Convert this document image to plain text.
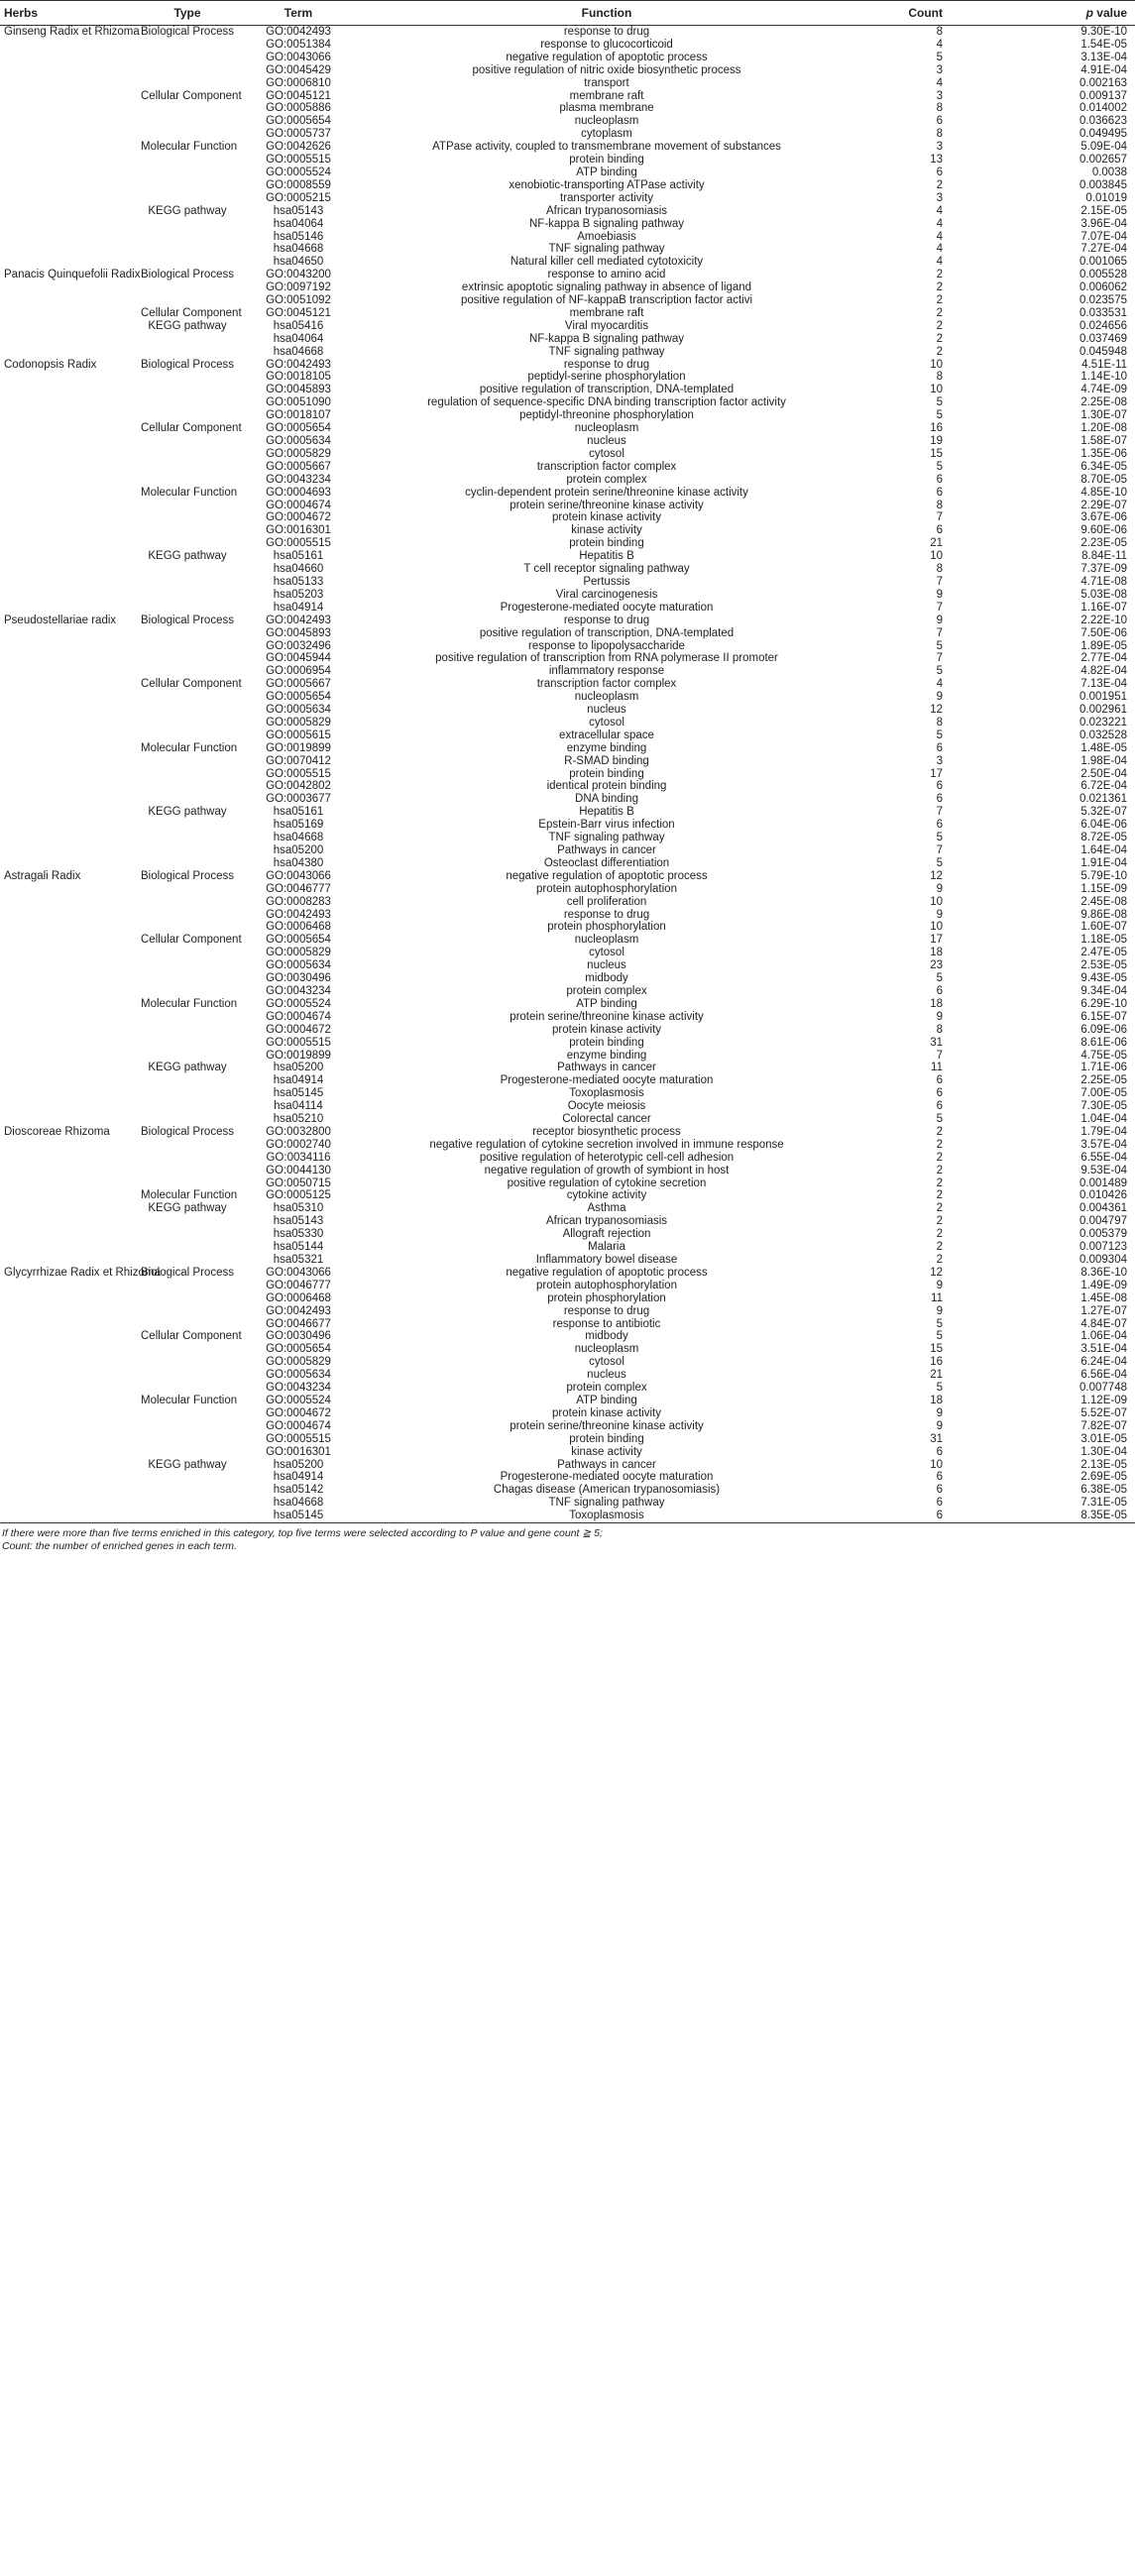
Herbs	Type	Term	Function	Count	p value
Ginseng Radix et Rhizoma	Biological Process	GO:0042493	response to drug	8	9.30E-10
		GO:0051384	response to glucocorticoid	4	1.54E-05
		GO:0043066	negative regulation of apoptotic process	5	3.13E-04
		GO:0045429	positive regulation of nitric oxide biosynthetic process	3	4.91E-04
		GO:0006810	transport	4	0.002163
	Cellular Component	GO:0045121	membrane raft	3	0.009137
		GO:0005886	plasma membrane	8	0.014002
		GO:0005654	nucleoplasm	6	0.036623
		GO:0005737	cytoplasm	8	0.049495
	Molecular Function	GO:0042626	ATPase activity, coupled to transmembrane movement of substances	3	5.09E-04
		GO:0005515	protein binding	13	0.002657
		GO:0005524	ATP binding	6	0.0038
		GO:0008559	xenobiotic-transporting ATPase activity	2	0.003845
		GO:0005215	transporter activity	3	0.01019
	KEGG pathway	hsa05143	African trypanosomiasis	4	2.15E-05
		hsa04064	NF-kappa B signaling pathway	4	3.96E-04
		hsa05146	Amoebiasis	4	7.07E-04
		hsa04668	TNF signaling pathway	4	7.27E-04
		hsa04650	Natural killer cell mediated cytotoxicity	4	0.001065
Panacis Quinquefolii Radix	Biological Process	GO:0043200	response to amino acid	2	0.005528
		GO:0097192	extrinsic apoptotic signaling pathway in absence of ligand	2	0.006062
		GO:0051092	positive regulation of NF-kappaB transcription factor activi	2	0.023575
	Cellular Component	GO:0045121	membrane raft	2	0.033531
	KEGG pathway	hsa05416	Viral myocarditis	2	0.024656
		hsa04064	NF-kappa B signaling pathway	2	0.037469
		hsa04668	TNF signaling pathway	2	0.045948
Codonopsis Radix	Biological Process	GO:0042493	response to drug	10	4.51E-11
		GO:0018105	peptidyl-serine phosphorylation	8	1.14E-10
		GO:0045893	positive regulation of transcription, DNA-templated	10	4.74E-09
		GO:0051090	regulation of sequence-specific DNA binding transcription factor activity	5	2.25E-08
		GO:0018107	peptidyl-threonine phosphorylation	5	1.30E-07
	Cellular Component	GO:0005654	nucleoplasm	16	1.20E-08
		GO:0005634	nucleus	19	1.58E-07
		GO:0005829	cytosol	15	1.35E-06
		GO:0005667	transcription factor complex	5	6.34E-05
		GO:0043234	protein complex	6	8.70E-05
	Molecular Function	GO:0004693	cyclin-dependent protein serine/threonine kinase activity	6	4.85E-10
		GO:0004674	protein serine/threonine kinase activity	8	2.29E-07
		GO:0004672	protein kinase activity	7	3.67E-06
		GO:0016301	kinase activity	6	9.60E-06
		GO:0005515	protein binding	21	2.23E-05
	KEGG pathway	hsa05161	Hepatitis B	10	8.84E-11
		hsa04660	T cell receptor signaling pathway	8	7.37E-09
		hsa05133	Pertussis	7	4.71E-08
		hsa05203	Viral carcinogenesis	9	5.03E-08
		hsa04914	Progesterone-mediated oocyte maturation	7	1.16E-07
Pseudostellariae radix	Biological Process	GO:0042493	response to drug	9	2.22E-10
		GO:0045893	positive regulation of transcription, DNA-templated	7	7.50E-06
		GO:0032496	response to lipopolysaccharide	5	1.89E-05
		GO:0045944	positive regulation of transcription from RNA polymerase II promoter	7	2.77E-04
		GO:0006954	inflammatory response	5	4.82E-04
	Cellular Component	GO:0005667	transcription factor complex	4	7.13E-04
		GO:0005654	nucleoplasm	9	0.001951
		GO:0005634	nucleus	12	0.002961
		GO:0005829	cytosol	8	0.023221
		GO:0005615	extracellular space	5	0.032528
	Molecular Function	GO:0019899	enzyme binding	6	1.48E-05
		GO:0070412	R-SMAD binding	3	1.98E-04
		GO:0005515	protein binding	17	2.50E-04
		GO:0042802	identical protein binding	6	6.72E-04
		GO:0003677	DNA binding	6	0.021361
	KEGG pathway	hsa05161	Hepatitis B	7	5.32E-07
		hsa05169	Epstein-Barr virus infection	6	6.04E-06
		hsa04668	TNF signaling pathway	5	8.72E-05
		hsa05200	Pathways in cancer	7	1.64E-04
		hsa04380	Osteoclast differentiation	5	1.91E-04
Astragali Radix	Biological Process	GO:0043066	negative regulation of apoptotic process	12	5.79E-10
		GO:0046777	protein autophosphorylation	9	1.15E-09
		GO:0008283	cell proliferation	10	2.45E-08
		GO:0042493	response to drug	9	9.86E-08
		GO:0006468	protein phosphorylation	10	1.60E-07
	Cellular Component	GO:0005654	nucleoplasm	17	1.18E-05
		GO:0005829	cytosol	18	2.47E-05
		GO:0005634	nucleus	23	2.53E-05
		GO:0030496	midbody	5	9.43E-05
		GO:0043234	protein complex	6	9.34E-04
	Molecular Function	GO:0005524	ATP binding	18	6.29E-10
		GO:0004674	protein serine/threonine kinase activity	9	6.15E-07
		GO:0004672	protein kinase activity	8	6.09E-06
		GO:0005515	protein binding	31	8.61E-06
		GO:0019899	enzyme binding	7	4.75E-05
	KEGG pathway	hsa05200	Pathways in cancer	11	1.71E-06
		hsa04914	Progesterone-mediated oocyte maturation	6	2.25E-05
		hsa05145	Toxoplasmosis	6	7.00E-05
		hsa04114	Oocyte meiosis	6	7.30E-05
		hsa05210	Colorectal cancer	5	1.04E-04
Dioscoreae Rhizoma	Biological Process	GO:0032800	receptor biosynthetic process	2	1.79E-04
		GO:0002740	negative regulation of cytokine secretion involved in immune response	2	3.57E-04
		GO:0034116	positive regulation of heterotypic cell-cell adhesion	2	6.55E-04
		GO:0044130	negative regulation of growth of symbiont in host	2	9.53E-04
		GO:0050715	positive regulation of cytokine secretion	2	0.001489
	Molecular Function	GO:0005125	cytokine activity	2	0.010426
	KEGG pathway	hsa05310	Asthma	2	0.004361
		hsa05143	African trypanosomiasis	2	0.004797
		hsa05330	Allograft rejection	2	0.005379
		hsa05144	Malaria	2	0.007123
		hsa05321	Inflammatory bowel disease	2	0.009304
Glycyrrhizae Radix et Rhizoma	Biological Process	GO:0043066	negative regulation of apoptotic process	12	8.36E-10
		GO:0046777	protein autophosphorylation	9	1.49E-09
		GO:0006468	protein phosphorylation	11	1.45E-08
		GO:0042493	response to drug	9	1.27E-07
		GO:0046677	response to antibiotic	5	4.84E-07
	Cellular Component	GO:0030496	midbody	5	1.06E-04
		GO:0005654	nucleoplasm	15	3.51E-04
		GO:0005829	cytosol	16	6.24E-04
		GO:0005634	nucleus	21	6.56E-04
		GO:0043234	protein complex	5	0.007748
	Molecular Function	GO:0005524	ATP binding	18	1.12E-09
		GO:0004672	protein kinase activity	9	5.52E-07
		GO:0004674	protein serine/threonine kinase activity	9	7.82E-07
		GO:0005515	protein binding	31	3.01E-05
		GO:0016301	kinase activity	6	1.30E-04
	KEGG pathway	hsa05200	Pathways in cancer	10	2.13E-05
		hsa04914	Progesterone-mediated oocyte maturation	6	2.69E-05
		hsa05142	Chagas disease (American trypanosomiasis)	6	6.38E-05
		hsa04668	TNF signaling pathway	6	7.31E-05
		hsa05145	Toxoplasmosis	6	8.35E-05
If there were more than five terms enriched in this category, top five terms were selected according to P value and gene count ≧ 5;
Count: the number of enriched genes in each term.
